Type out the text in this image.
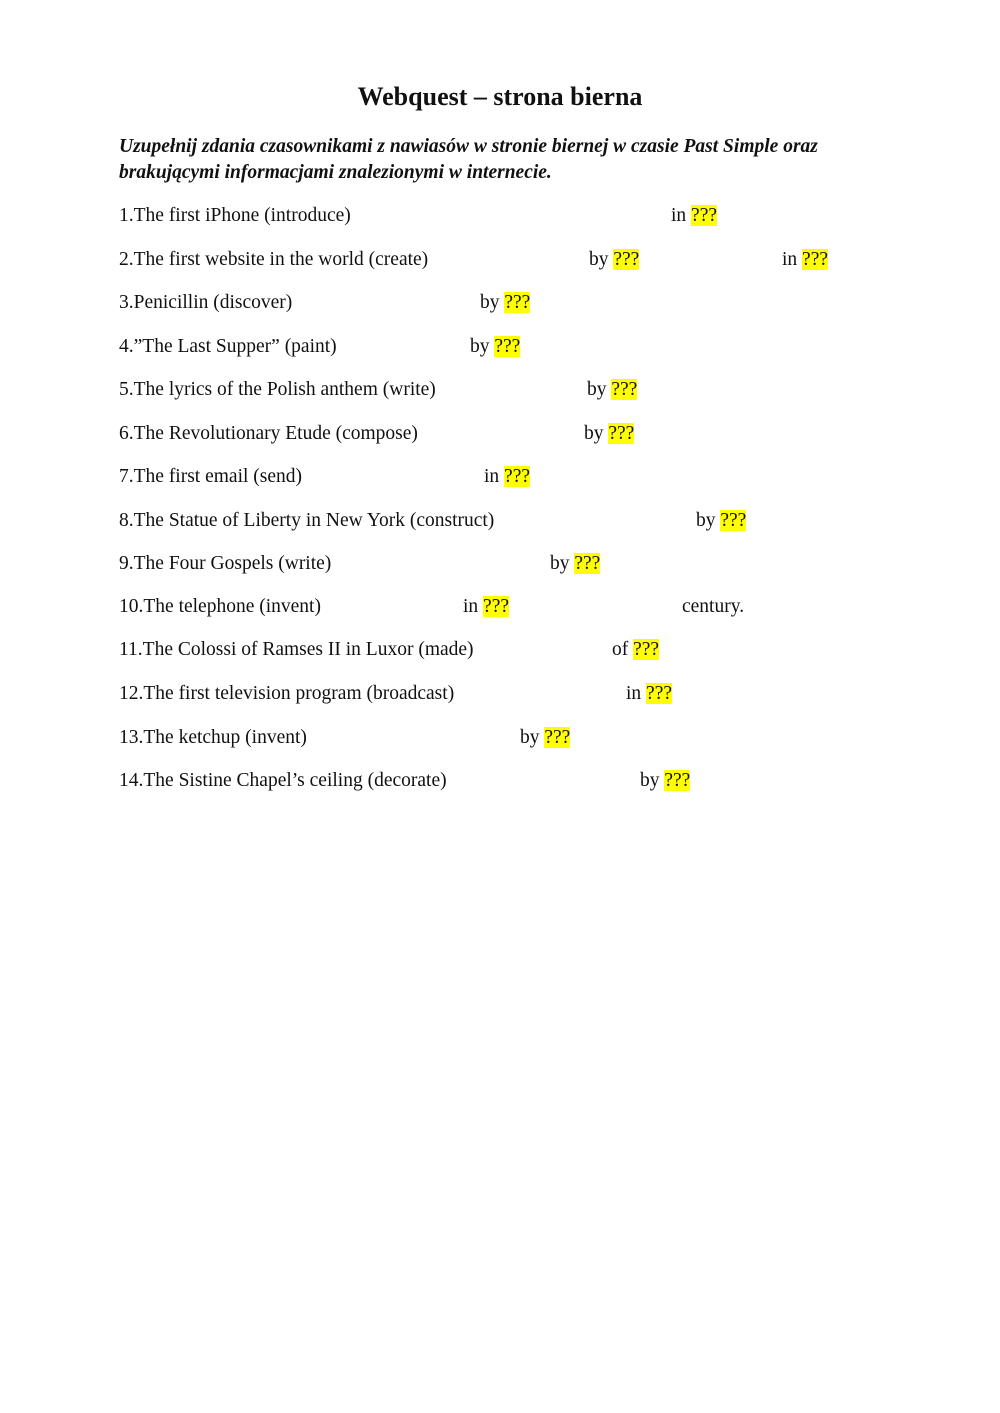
Webquest – strona bierna
Uzupełnij zdania czasownikami z nawiasów w stronie biernej w czasie Past Simple oraz brakującymi informacjami znalezionymi w internecie.
1.The first iPhone (introduce)	in ???
2.The first website in the world (create)	by ???	in ???
3.Penicillin (discover)	by ???
4.”The Last Supper” (paint)	by ???
5.The lyrics of the Polish anthem (write)	by ???
6.The Revolutionary Etude (compose)	by ???
7.The first email (send)	in ???
8.The Statue of Liberty in New York (construct)	by ???
9.The Four Gospels (write)	by ???
10.The telephone (invent)	in ???	century.
11.The Colossi of Ramses II in Luxor (made)	of ???
12.The first television program (broadcast)	in ???
13.The ketchup (invent)	by ???
14.The Sistine Chapel’s ceiling (decorate)	by ???
